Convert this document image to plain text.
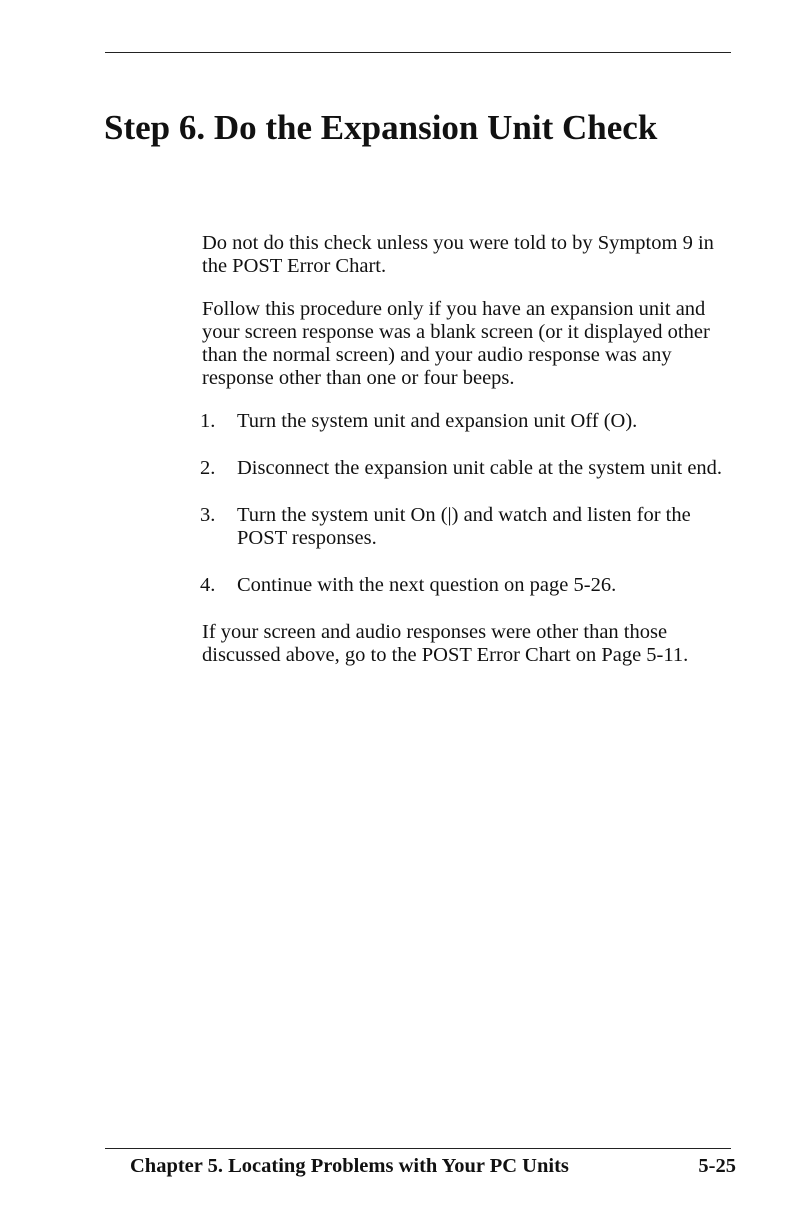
Step 6. Do the Expansion Unit Check

Do not do this check unless you were told to by Symptom 9 in the POST Error Chart.

Follow this procedure only if you have an expansion unit and your screen response was a blank screen (or it displayed other than the normal screen) and your audio response was any response other than one or four beeps.

1. Turn the system unit and expansion unit Off (O).
2. Disconnect the expansion unit cable at the system unit end.
3. Turn the system unit On (|) and watch and listen for the POST responses.
4. Continue with the next question on page 5-26.

If your screen and audio responses were other than those discussed above, go to the POST Error Chart on Page 5-11.

Chapter 5. Locating Problems with Your PC Units	5-25
